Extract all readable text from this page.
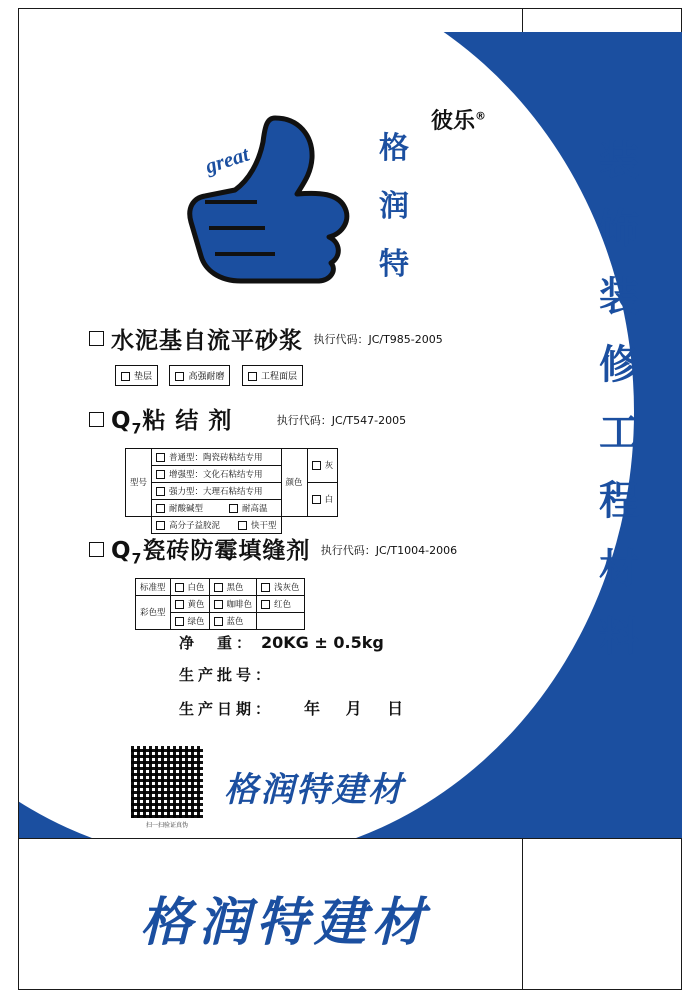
great	格
润
特
彼乐®
水泥基自流平砂浆 执行代码：JC/T985-2005
垫层	高强耐磨	工程面层
$Q_7$粘 结 剂	执行代码：JC/T547-2005
型号	普通型：陶瓷砖粘结专用	颜色	灰
	增强型：文化石粘结专用		
	强力型：大理石粘结专用		白
	耐酸碱型 耐高温		
	高分子益胶泥 快干型		
$Q_7$瓷砖防霉填缝剂 执行代码：JC/T1004-2006
标准型	白色	黑色	浅灰色
彩色型	黄色	咖啡色	红色
	绿色	蓝色	
净　重： 20KG ± 0.5kg
生产批号：
生产日期： 年 月 日
扫一扫验证真伪
格润特建材
装
饰
装
修
工
程
材
料
格润特建材
